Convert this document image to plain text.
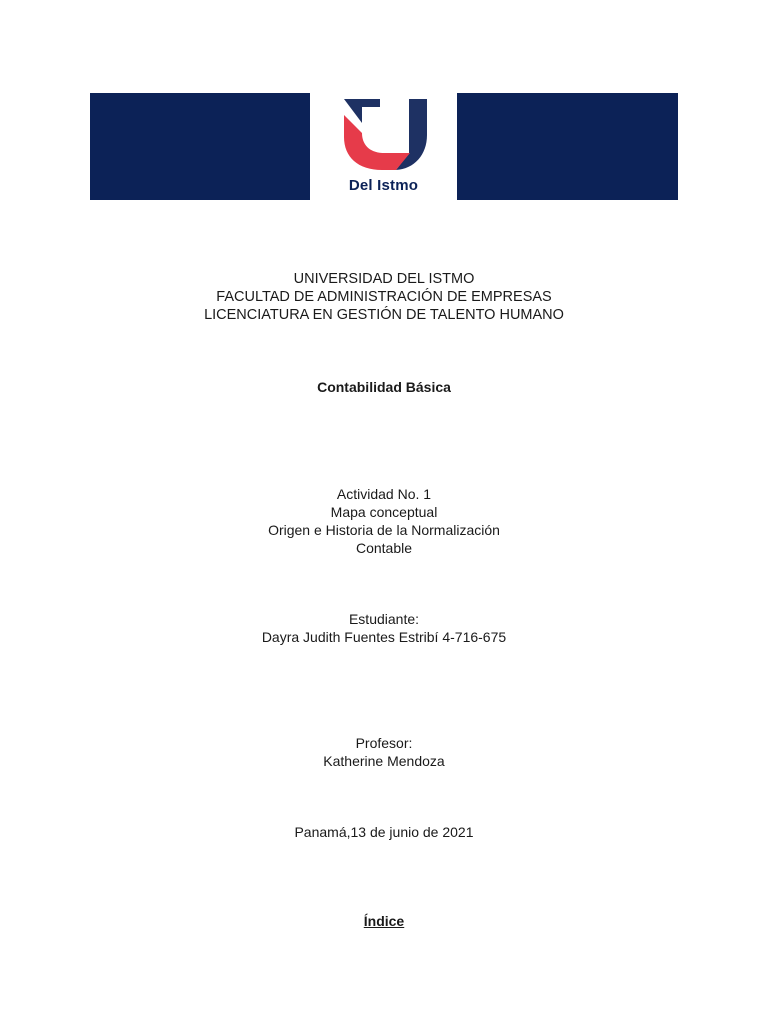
Del Istmo
UNIVERSIDAD DEL ISTMO
FACULTAD DE ADMINISTRACIÓN DE EMPRESAS
LICENCIATURA EN GESTIÓN DE TALENTO HUMANO
Contabilidad Básica
Actividad No. 1
Mapa conceptual
Origen e Historia de la Normalización
Contable
Estudiante:
Dayra Judith Fuentes Estribí 4-716-675
Profesor:
Katherine Mendoza
Panamá,13 de junio de 2021
Índice
